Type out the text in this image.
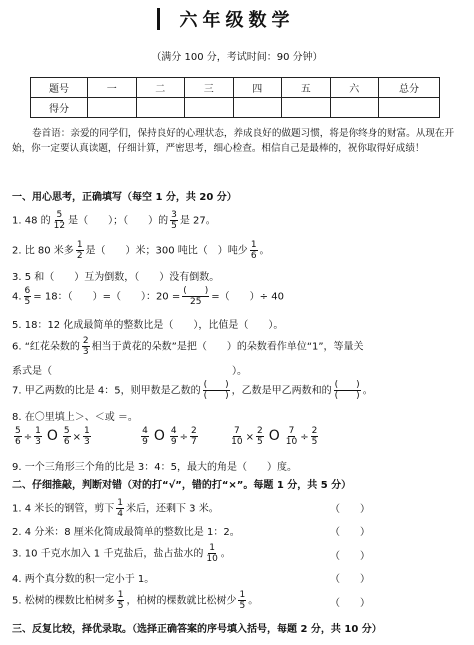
六年级数学
（满分 100 分，考试时间：90 分钟）
题号	一	二	三	四	五	六	总分
得分							
卷首语：亲爱的同学们，保持良好的心理状态，养成良好的做题习惯，将是你终身的财富。从现在开始，你一定要认真读题，仔细计算，严密思考，细心检查。相信自己是最棒的，祝你取得好成绩！
一、用心思考，正确填写（每空 1 分，共 20 分）
1. 48 的 $\frac{5}{12}$ 是（　　）；（　　）的 $\frac{3}{5}$ 是 27。
2. 比 80 米多 $\frac{1}{2}$ 是（　　）米；300 吨比（　）吨少 $\frac{1}{6}$ 。
3. 5 和（　　）互为倒数，（　　）没有倒数。
4. $\frac{6}{5} = 18$：（　　）=（　　）：$20 = \frac{( )}{25}$ =（　　）÷ 40
5. 18：12 化成最简单的整数比是（　　），比值是（　　）。
6. “红花朵数的 $\frac{2}{3}$ 相当于黄花的朵数”是把（　　）的朵数看作单位“1”，等量关
系式是（　　　　　　　　　　　　　　　　　　）。
7. 甲乙两数的比是 4：5，则甲数是乙数的 $\frac{( )}{( )}$ ，乙数是甲乙两数和的 $\frac{( )}{( )}$ 。
8. 在〇里填上＞、＜或 ＝。
$\frac{5}{6} \div \frac{1}{3}$ O $\frac{5}{6} \times \frac{1}{3}$
	$\frac{4}{9}$ O $\frac{4}{9} \div \frac{2}{7}$
	$\frac{7}{10} \times \frac{2}{5}$ O $\frac{7}{10} \div \frac{2}{5}$
9. 一个三角形三个角的比是 3：4：5，最大的角是（　　）度。
二、仔细推敲，判断对错（对的打“√”，错的打“×”。每题 1 分，共 5 分）
1. 4 米长的钢管，剪下 $\frac{1}{4}$ 米后，还剩下 3 米。	（　　）
2. 4 分米：8 厘米化简成最简单的整数比是 1：2。	（　　）
3. 10 千克水加入 1 千克盐后，盐占盐水的 $\frac{1}{10}$ 。	（　　）
4. 两个真分数的积一定小于 1。	（　　）
5. 松树的棵数比柏树多 $\frac{1}{5}$ ，柏树的棵数就比松树少 $\frac{1}{5}$ 。	（　　）
三、反复比较，择优录取。（选择正确答案的序号填入括号，每题 2 分，共 10 分）
